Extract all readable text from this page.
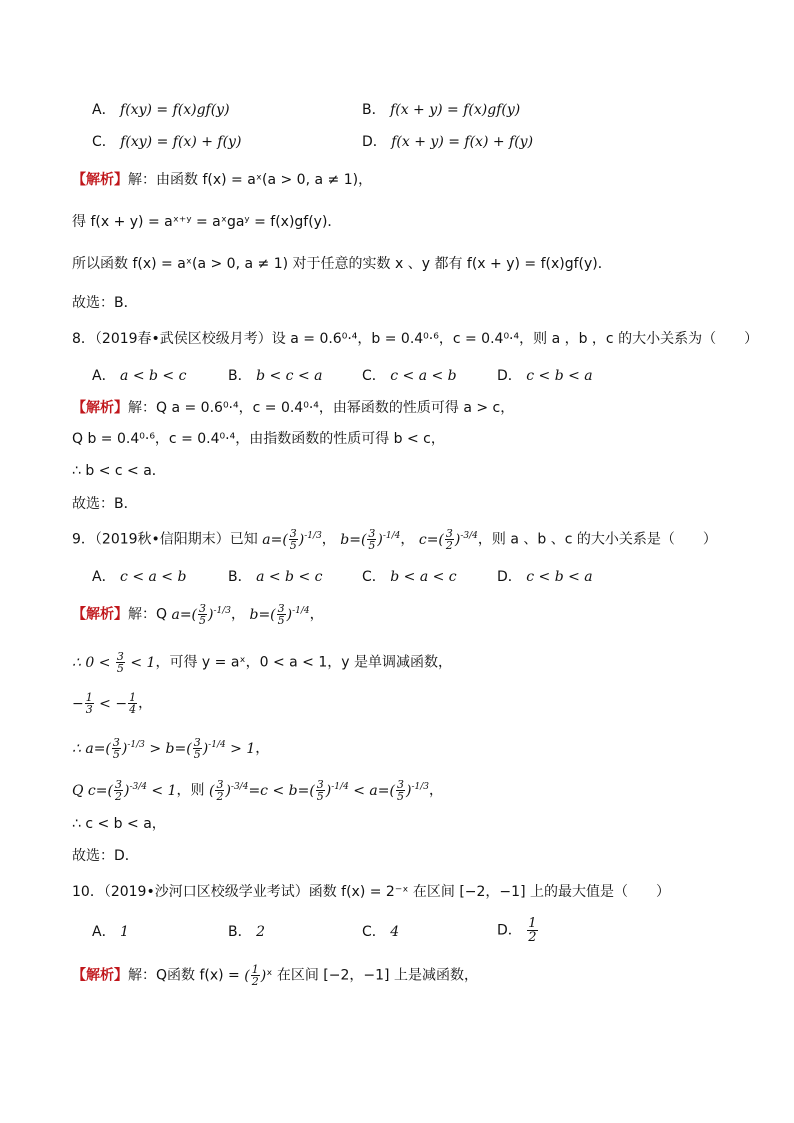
A． f(xy) = f(x)gf(y)	B． f(x + y) = f(x)gf(y)
C． f(xy) = f(x) + f(y)	D． f(x + y) = f(x) + f(y)
【解析】解：由函数 f(x) = aˣ(a > 0, a ≠ 1)，
得 f(x + y) = aˣ⁺ʸ = aˣgaʸ = f(x)gf(y)．
所以函数 f(x) = aˣ(a > 0, a ≠ 1) 对于任意的实数 x 、y 都有 f(x + y) = f(x)gf(y)．
故选：B．
8．（2019春•武侯区校级月考）设 a = 0.6⁰·⁴，b = 0.4⁰·⁶，c = 0.4⁰·⁴，则 a ，b ，c 的大小关系为（　　）
A． a < b < c	B． b < c < a	C． c < a < b	D． c < b < a
【解析】解：Q a = 0.6⁰·⁴，c = 0.4⁰·⁴，由幂函数的性质可得 a > c，
Q b = 0.4⁰·⁶，c = 0.4⁰·⁴，由指数函数的性质可得 b < c，
∴ b < c < a．
故选：B．
9．（2019秋•信阳期末）已知 $a=( \frac{3}{5} )^{-1/3}$， $b=( \frac{3}{5} )^{-1/4}$， $c=( \frac{3}{2} )^{-3/4}$，则 a 、b 、c 的大小关系是（　　）
A． c < a < b	B． a < b < c	C． b < a < c	D． c < b < a
【解析】解：Q $a=( \frac{3}{5} )^{-1/3}$， $b=( \frac{3}{5} )^{-1/4}$，
∴ $0 < \frac{3}{5} < 1$，可得 y = aˣ，0 < a < 1，y 是单调减函数，
− $\frac{1}{3}$ < − $\frac{1}{4}$ ，
∴ $a=( \frac{3}{5} )^{-1/3} > b=( \frac{3}{5} )^{-1/4} > 1$，
Q $c=( \frac{3}{2} )^{-3/4} < 1$，则 ( $\frac{3}{2} )^{-3/4}=c < b=( \frac{3}{5} )^{-1/4} < a=( \frac{3}{5} )^{-1/3}$，
∴ c < b < a，
故选：D．
10．（2019•沙河口区校级学业考试）函数 f(x) = 2⁻ˣ 在区间 [−2，−1] 上的最大值是（　　）
A． 1	B． 2	C． 4	D． $\frac{1}{2}$
【解析】解：Q函数 f(x) = ( $\frac{1}{2}$ )ˣ 在区间 [−2，−1] 上是减函数，
